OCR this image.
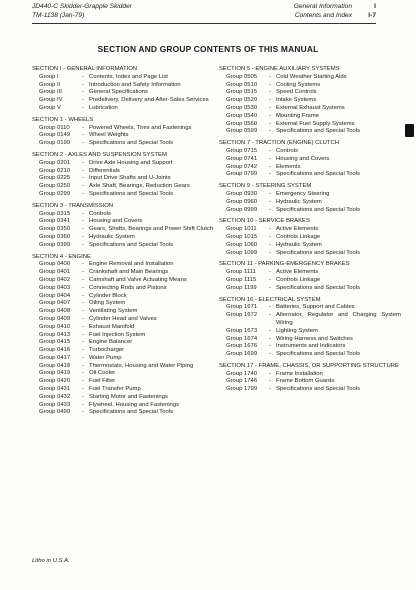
JD440-C Skidder-Grapple Skidder
TM-1138 (Jan-79)
General Information
Contents and Index
I
I-7
SECTION AND GROUP CONTENTS OF THIS MANUAL
SECTION I - GENERAL INFORMATION
Group I	- Contents, Index and Page List
Group II	- Introduction and Safety Information
Group III	- General Specifications
Group IV	- Predelivery, Delivery and After-Sales Services
Group V	- Lubrication
SECTION 1 - WHEELS
Group 0110	- Powered Wheels, Tires and Fastenings
Group 0149	- Wheel Weights
Group 0199	- Specifications and Special Tools
SECTION 2 - AXLES AND SUSPENSION SYSTEM
Group 0201	- Drive Axle Housing and Support
Group 0210	- Differentials
Group 0225	- Input Drive Shafts and U-Joints
Group 0250	- Axle Shaft, Bearings, Reduction Gears
Group 0299	- Specifications and Special Tools
SECTION 3 - TRANSMISSION
Group 0315	- Controls
Group 0341	- Housing and Covers
Group 0350	- Gears, Shafts, Bearings and Power Shift Clutch
Group 0360	- Hydraulic System
Group 0399	- Specifications and Special Tools
SECTION 4 - ENGINE
Group 0400	- Engine Removal and Installation
Group 0401	- Crankshaft and Main Bearings
Group 0402	- Camshaft and Valve Actuating Means
Group 0403	- Connecting Rods and Pistons
Group 0404	- Cylinder Block
Group 0407	- Oiling System
Group 0408	- Ventilating System
Group 0409	- Cylinder Head and Valves
Group 0410	- Exhaust Manifold
Group 0413	- Fuel Injection System
Group 0415	- Engine Balancer
Group 0416	- Turbocharger
Group 0417	- Water Pump
Group 0418	- Thermostats, Housing and Water Piping
Group 0419	- Oil Cooler
Group 0420	- Fuel Filter
Group 0431	- Fuel Transfer Pump
Group 0432	- Starting Motor and Fastenings
Group 0433	- Flywheel, Housing and Fastenings
Group 0499	- Specifications and Special Tools
SECTION 5 - ENGINE AUXILIARY SYSTEMS
Group 0505	- Cold Weather Starting Aids
Group 0510	- Cooling Systems
Group 0515	- Speed Controls
Group 0520	- Intake Systems
Group 0530	- External Exhaust Systems
Group 0540	- Mounting Frame
Group 0560	- External Fuel Supply Systems
Group 0599	- Specifications and Special Tools
SECTION 7 - TRACTION (ENGINE) CLUTCH
Group 0715	- Controls
Group 0741	- Housing and Covers
Group 0742	- Elements
Group 0799	- Specifications and Special Tools
SECTION 9 - STEERING SYSTEM
Group 0930	- Emergency Steering
Group 0960	- Hydraulic System
Group 0999	- Specifications and Special Tools
SECTION 10 - SERVICE BRAKES
Group 1011	- Active Elements
Group 1015	- Controls Linkage
Group 1060	- Hydraulic System
Group 1099	- Specifications and Special Tools
SECTION 11 - PARKING-EMERGENCY BRAKES
Group 1111	- Active Elements
Group 1115	- Controls Linkage
Group 1199	- Specifications and Special Tools
SECTION 16 - ELECTRICAL SYSTEM
Group 1671	- Batteries, Support and Cables
Group 1672	- Alternator, Regulator and Charging System Wiring
Group 1673	- Lighting System
Group 1674	- Wiring Harness and Switches
Group 1676	- Instruments and Indicators
Group 1699	- Specifications and Special Tools
SECTION 17 - FRAME, CHASSIS, OR SUPPORTING STRUCTURE
Group 1740	- Frame Installation
Group 1746	- Frame Bottom Guards
Group 1799	- Specifications and Special Tools
Litho in U.S.A.
